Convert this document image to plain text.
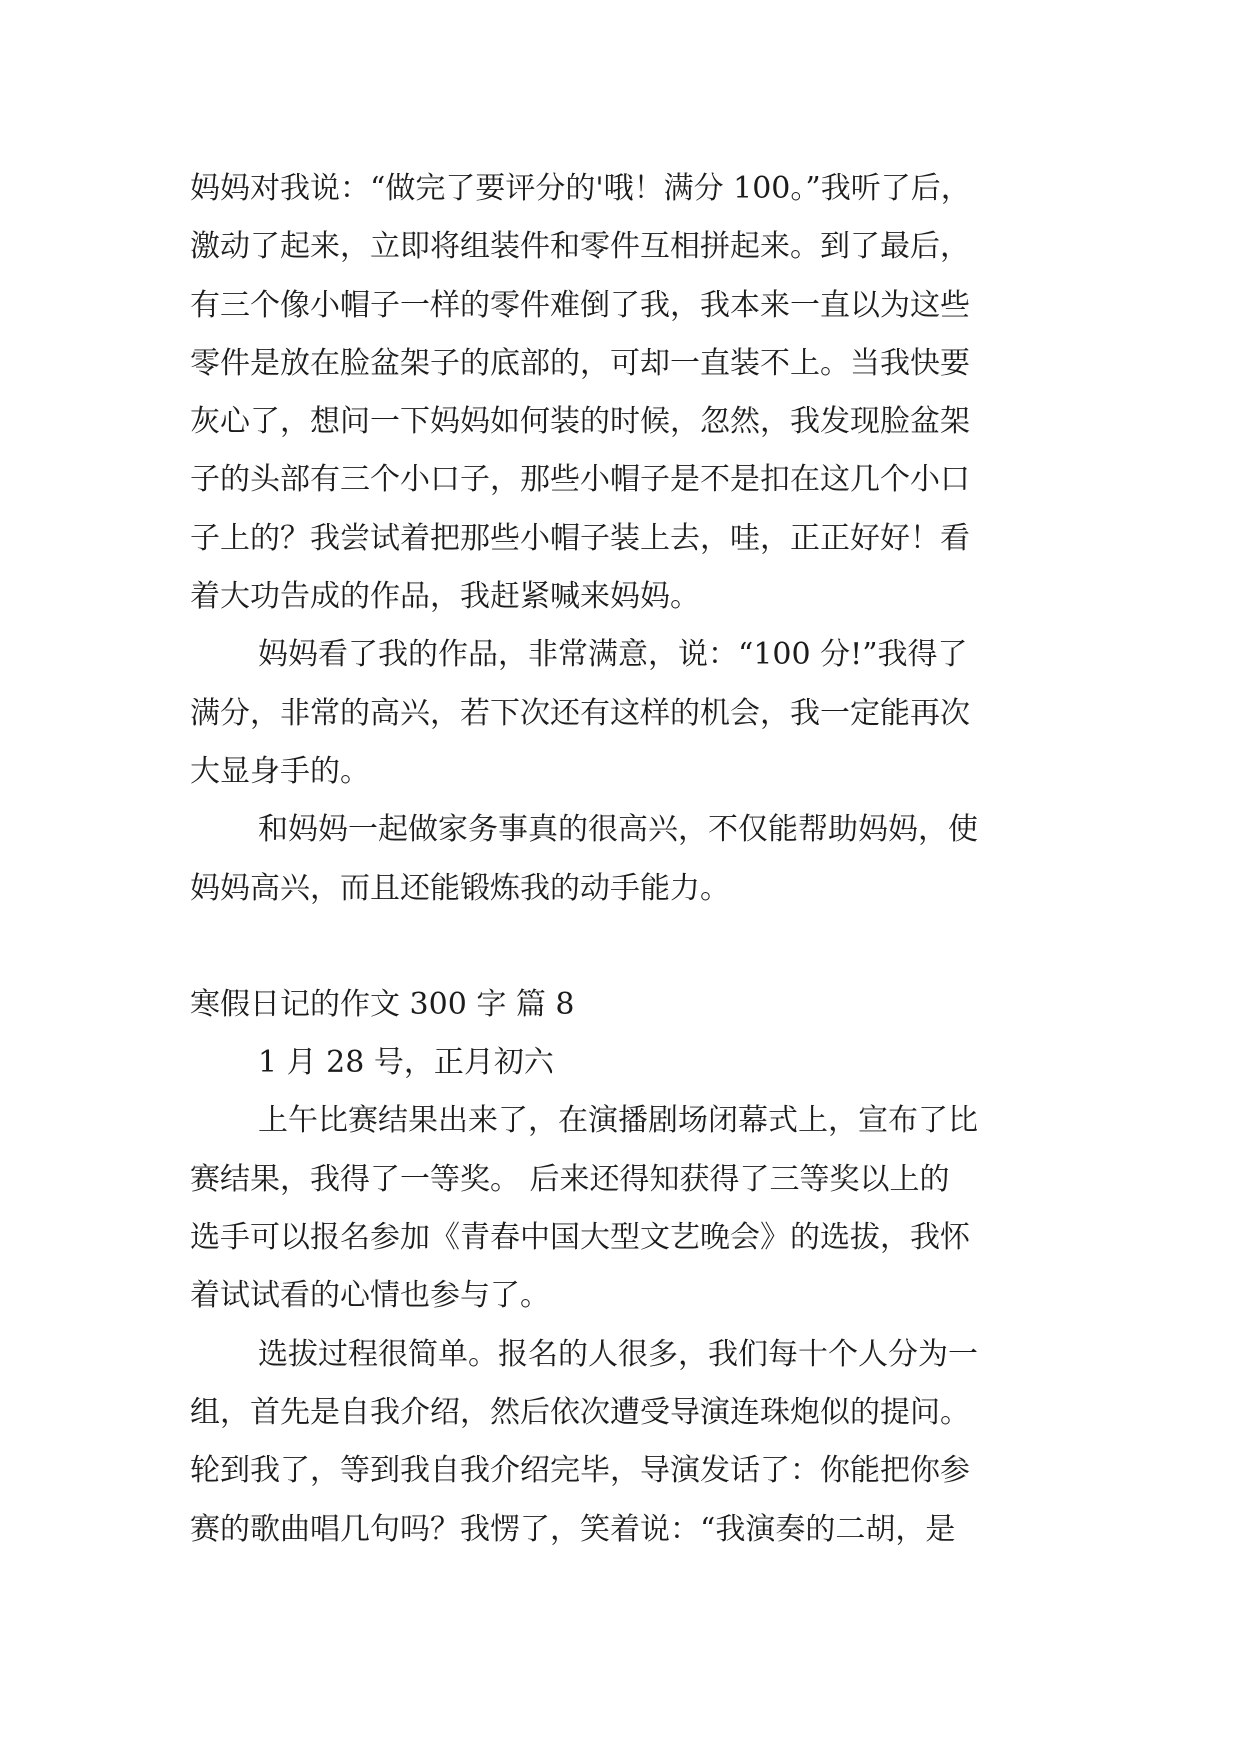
妈妈对我说：“做完了要评分的'哦！满分 100。”我听了后，

激动了起来，立即将组装件和零件互相拼起来。到了最后，

有三个像小帽子一样的零件难倒了我，我本来一直以为这些

零件是放在脸盆架子的底部的，可却一直装不上。当我快要

灰心了，想问一下妈妈如何装的时候，忽然，我发现脸盆架

子的头部有三个小口子，那些小帽子是不是扣在这几个小口

子上的？我尝试着把那些小帽子装上去，哇，正正好好！看

着大功告成的作品，我赶紧喊来妈妈。

妈妈看了我的作品，非常满意，说：“100 分!”我得了

满分，非常的高兴，若下次还有这样的机会，我一定能再次

大显身手的。

和妈妈一起做家务事真的很高兴，不仅能帮助妈妈，使

妈妈高兴，而且还能锻炼我的动手能力。

寒假日记的作文 300 字 篇 8

1 月 28 号，正月初六

上午比赛结果出来了，在演播剧场闭幕式上，宣布了比

赛结果，我得了一等奖。 后来还得知获得了三等奖以上的

选手可以报名参加《青春中国大型文艺晚会》的选拔，我怀

着试试看的心情也参与了。

选拔过程很简单。报名的人很多，我们每十个人分为一

组，首先是自我介绍，然后依次遭受导演连珠炮似的提问。

轮到我了，等到我自我介绍完毕，导演发话了：你能把你参

赛的歌曲唱几句吗？我愣了，笑着说：“我演奏的二胡，是
